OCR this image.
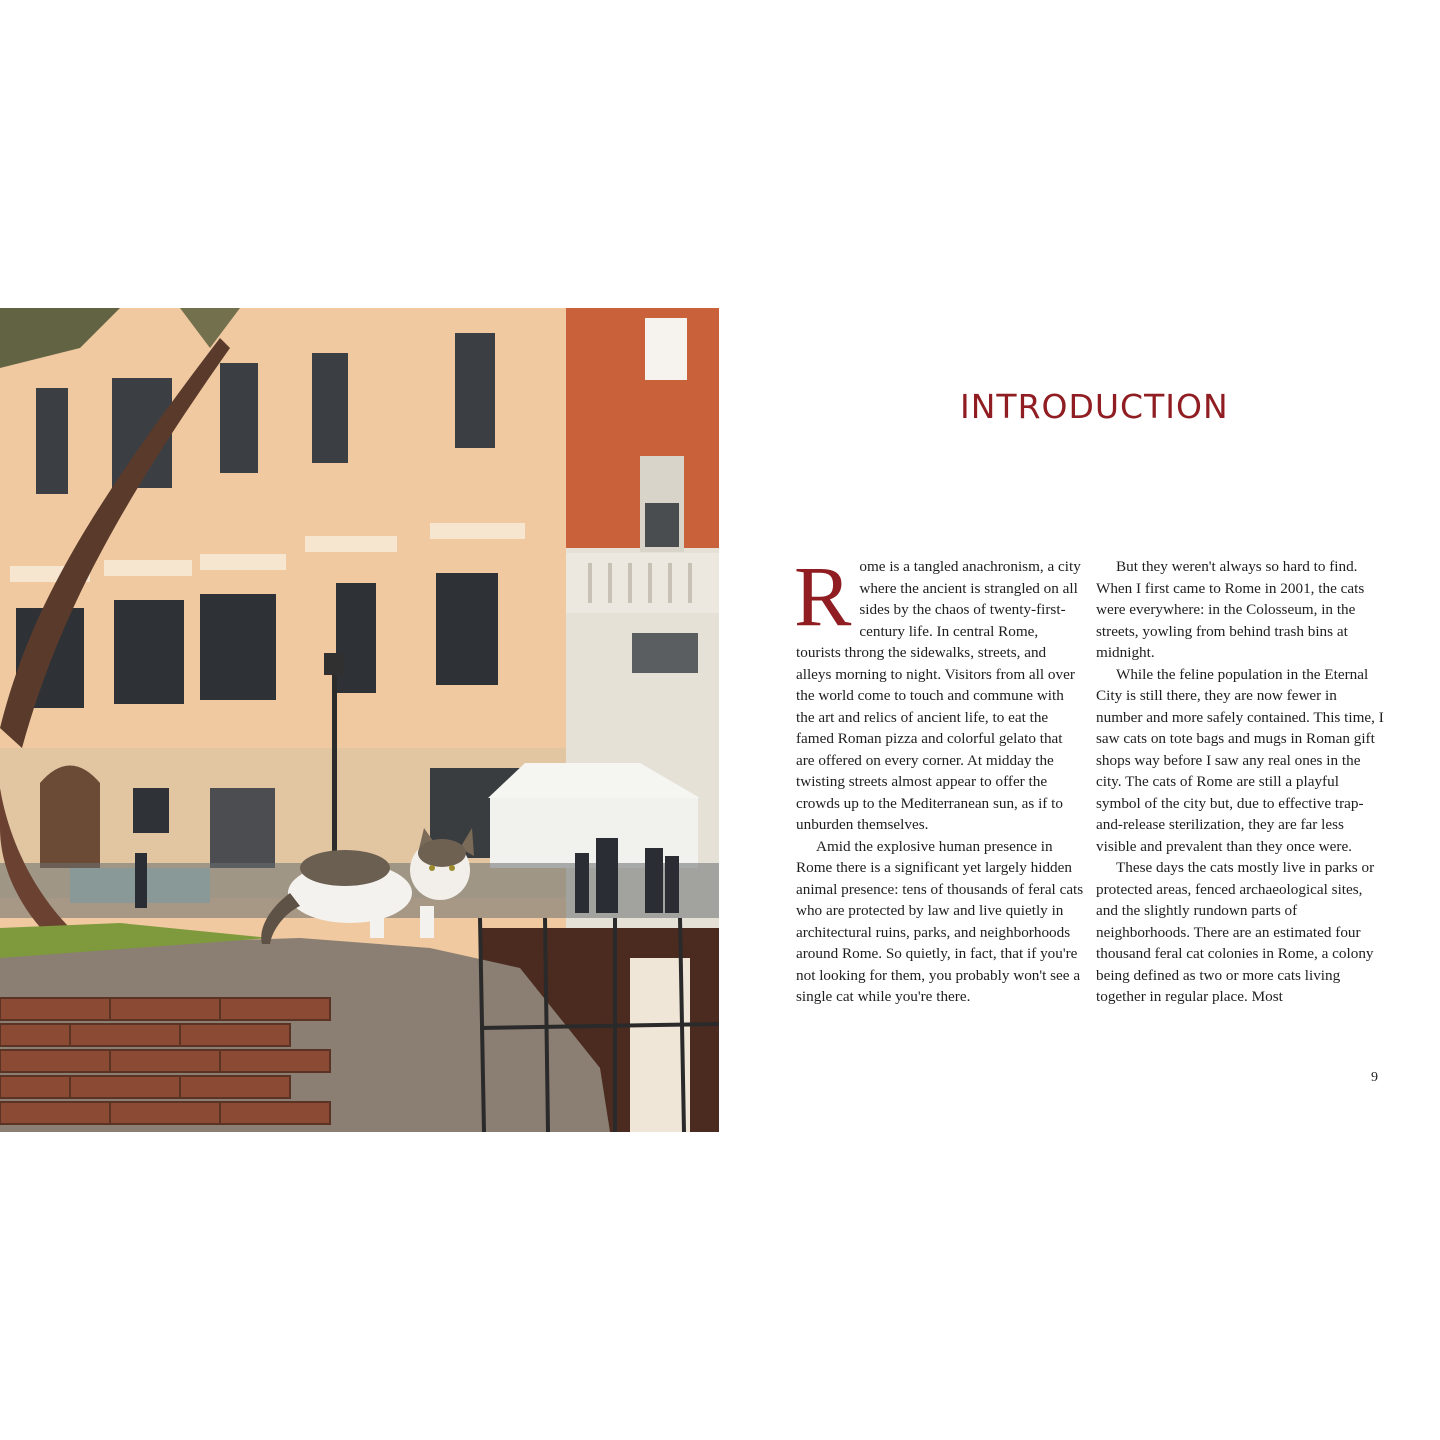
INTRODUCTION

Rome is a tangled anachronism, a city where the ancient is strangled on all sides by the chaos of twenty-first-century life. In central Rome, tourists throng the sidewalks, streets, and alleys morning to night. Visitors from all over the world come to touch and commune with the art and relics of ancient life, to eat the famed Roman pizza and colorful gelato that are offered on every corner. At midday the twisting streets almost appear to offer the crowds up to the Mediterranean sun, as if to unburden themselves.

Amid the explosive human presence in Rome there is a significant yet largely hidden animal presence: tens of thousands of feral cats who are protected by law and live quietly in architectural ruins, parks, and neighborhoods around Rome. So quietly, in fact, that if you're not looking for them, you probably won't see a single cat while you're there.

But they weren't always so hard to find. When I first came to Rome in 2001, the cats were everywhere: in the Colosseum, in the streets, yowling from behind trash bins at midnight.

While the feline population in the Eternal City is still there, they are now fewer in number and more safely contained. This time, I saw cats on tote bags and mugs in Roman gift shops way before I saw any real ones in the city. The cats of Rome are still a playful symbol of the city but, due to effective trap-and-release sterilization, they are far less visible and prevalent than they once were.

These days the cats mostly live in parks or protected areas, fenced archaeological sites, and the slightly rundown parts of neighborhoods. There are an estimated four thousand feral cat colonies in Rome, a colony being defined as two or more cats living together in regular place. Most

9
